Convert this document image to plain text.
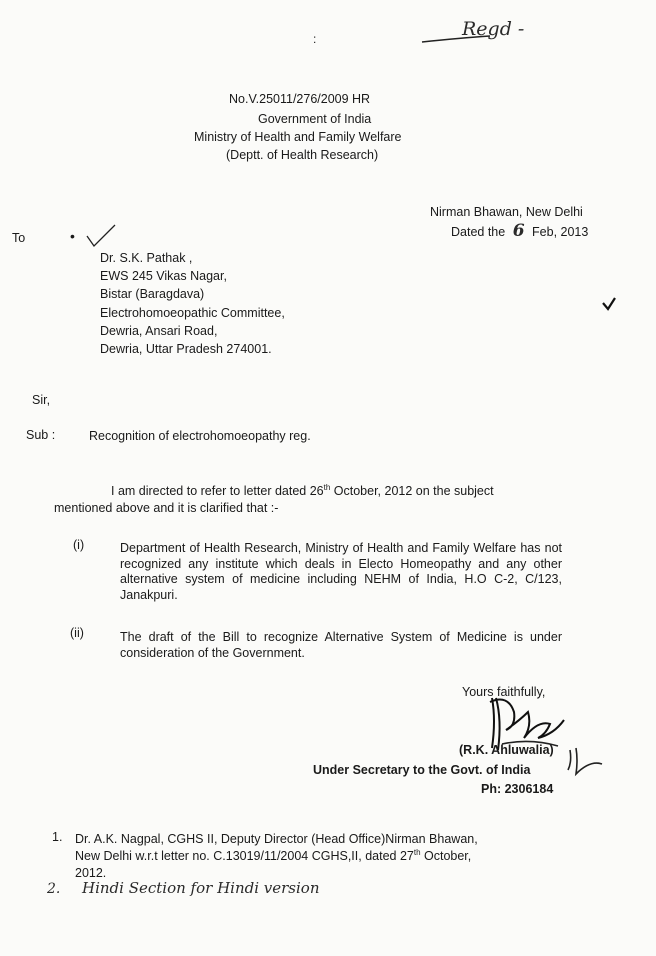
Regd -
:
No.V.25011/276/2009 HR
Government of India
Ministry of Health and Family Welfare
(Deptt. of Health Research)
Nirman Bhawan, New Delhi
Dated the 6 Feb, 2013
To	•
Dr. S.K. Pathak ,
EWS 245 Vikas Nagar,
Bistar (Baragdava)
Electrohomoeopathic Committee,
Dewria, Ansari Road,
Dewria, Uttar Pradesh 274001.
Sir,
Sub :	Recognition of electrohomoeopathy reg.
I am directed to refer to letter dated 26th October, 2012 on the subject
mentioned above and it is clarified that :-
(i)	Department of Health Research, Ministry of Health and Family Welfare has not recognized any institute which deals in Electo Homeopathy and any other alternative system of medicine including NEHM of India, H.O C-2, C/123, Janakpuri.
(ii)	The draft of the Bill to recognize Alternative System of Medicine is under consideration of the Government.
Yours faithfully,
(R.K. Ahluwalia)
Under Secretary to the Govt. of India
Ph: 2306184
1. Dr. A.K. Nagpal, CGHS II, Deputy Director (Head Office)Nirman Bhawan,
New Delhi w.r.t letter no. C.13019/11/2004 CGHS,II, dated 27th October,
2012.
2. Hindi Section for Hindi version
